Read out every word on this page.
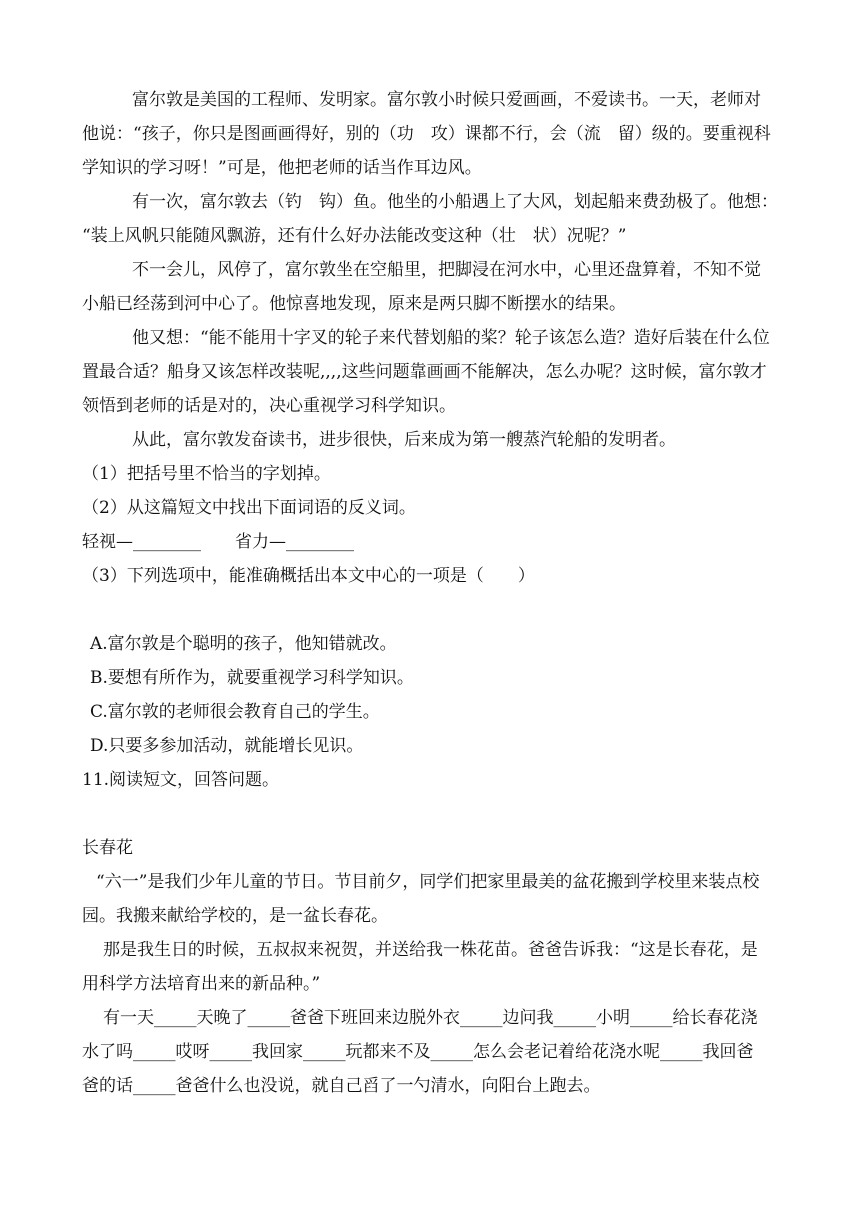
富尔敦是美国的工程师、发明家。富尔敦小时候只爱画画，不爱读书。一天，老师对
他说：“孩子，你只是图画画得好，别的（功　攻）课都不行，会（流　留）级的。要重视科
学知识的学习呀！”可是，他把老师的话当作耳边风。
有一次，富尔敦去（钓　钩）鱼。他坐的小船遇上了大风，划起船来费劲极了。他想：
“装上风帆只能随风飘游，还有什么好办法能改变这种（壮　状）况呢？”
不一会儿，风停了，富尔敦坐在空船里，把脚浸在河水中，心里还盘算着，不知不觉
小船已经荡到河中心了。他惊喜地发现，原来是两只脚不断摆水的结果。
他又想：“能不能用十字叉的轮子来代替划船的桨？轮子该怎么造？造好后装在什么位
置最合适？船身又该怎样改装呢,,,,这些问题靠画画不能解决，怎么办呢？这时候，富尔敦才
领悟到老师的话是对的，决心重视学习科学知识。
从此，富尔敦发奋读书，进步很快，后来成为第一艘蒸汽轮船的发明者。
（1）把括号里不恰当的字划掉。
（2）从这篇短文中找出下面词语的反义词。
轻视—________　　省力—________
（3）下列选项中，能准确概括出本文中心的一项是（　　）
A.富尔敦是个聪明的孩子，他知错就改。
B.要想有所作为，就要重视学习科学知识。
C.富尔敦的老师很会教育自己的学生。
D.只要多参加活动，就能增长见识。
11.阅读短文，回答问题。
长春花
“六一”是我们少年儿童的节日。节目前夕，同学们把家里最美的盆花搬到学校里来装点校
园。我搬来献给学校的，是一盆长春花。
那是我生日的时候，五叔叔来祝贺，并送给我一株花苗。爸爸告诉我：“这是长春花，是
用科学方法培育出来的新品种。”
有一天_____天晚了_____爸爸下班回来边脱外衣_____边问我_____小明_____给长春花浇
水了吗_____哎呀_____我回家_____玩都来不及_____怎么会老记着给花浇水呢_____我回爸
爸的话_____爸爸什么也没说，就自己舀了一勺清水，向阳台上跑去。
